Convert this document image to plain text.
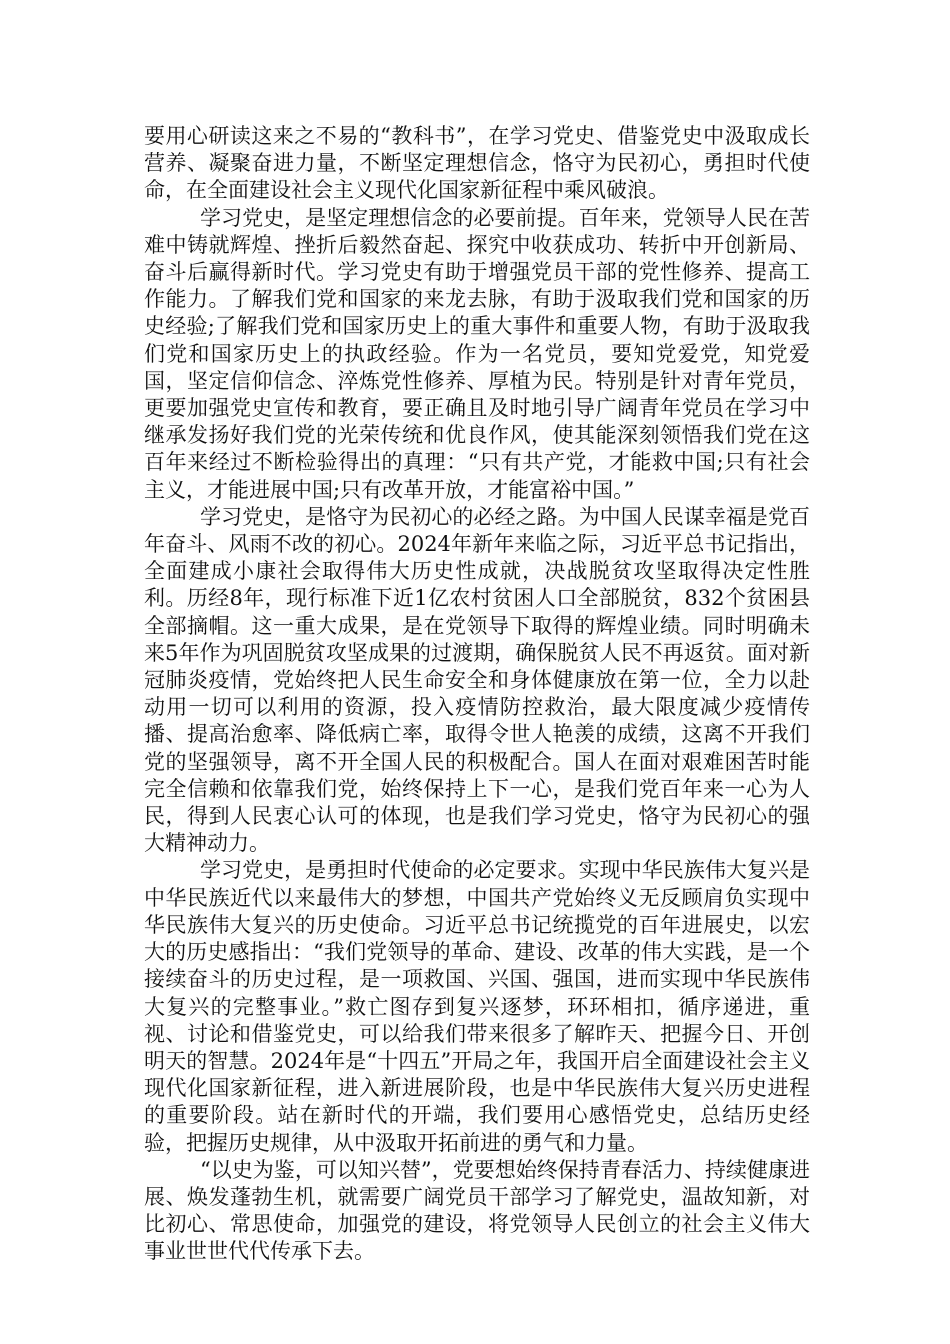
要用心研读这来之不易的“教科书”，在学习党史、借鉴党史中汲取成长营养、凝聚奋进力量，不断坚定理想信念，恪守为民初心，勇担时代使命，在全面建设社会主义现代化国家新征程中乘风破浪。

学习党史，是坚定理想信念的必要前提。百年来，党领导人民在苦难中铸就辉煌、挫折后毅然奋起、探究中收获成功、转折中开创新局、奋斗后赢得新时代。学习党史有助于增强党员干部的党性修养、提高工作能力。了解我们党和国家的来龙去脉，有助于汲取我们党和国家的历史经验;了解我们党和国家历史上的重大事件和重要人物，有助于汲取我们党和国家历史上的执政经验。作为一名党员，要知党爱党，知党爱国，坚定信仰信念、淬炼党性修养、厚植为民。特别是针对青年党员，更要加强党史宣传和教育，要正确且及时地引导广阔青年党员在学习中继承发扬好我们党的光荣传统和优良作风，使其能深刻领悟我们党在这百年来经过不断检验得出的真理：“只有共产党，才能救中国;只有社会主义，才能进展中国;只有改革开放，才能富裕中国。”

学习党史，是恪守为民初心的必经之路。为中国人民谋幸福是党百年奋斗、风雨不改的初心。2024年新年来临之际，习近平总书记指出，全面建成小康社会取得伟大历史性成就，决战脱贫攻坚取得决定性胜利。历经8年，现行标准下近1亿农村贫困人口全部脱贫，832个贫困县全部摘帽。这一重大成果，是在党领导下取得的辉煌业绩。同时明确未来5年作为巩固脱贫攻坚成果的过渡期，确保脱贫人民不再返贫。面对新冠肺炎疫情，党始终把人民生命安全和身体健康放在第一位，全力以赴动用一切可以利用的资源，投入疫情防控救治，最大限度减少疫情传播、提高治愈率、降低病亡率，取得令世人艳羡的成绩，这离不开我们党的坚强领导，离不开全国人民的积极配合。国人在面对艰难困苦时能完全信赖和依靠我们党，始终保持上下一心，是我们党百年来一心为人民，得到人民衷心认可的体现，也是我们学习党史，恪守为民初心的强大精神动力。

学习党史，是勇担时代使命的必定要求。实现中华民族伟大复兴是中华民族近代以来最伟大的梦想，中国共产党始终义无反顾肩负实现中华民族伟大复兴的历史使命。习近平总书记统揽党的百年进展史，以宏大的历史感指出：“我们党领导的革命、建设、改革的伟大实践，是一个接续奋斗的历史过程，是一项救国、兴国、强国，进而实现中华民族伟大复兴的完整事业。”救亡图存到复兴逐梦，环环相扣，循序递进，重视、讨论和借鉴党史，可以给我们带来很多了解昨天、把握今日、开创明天的智慧。2024年是“十四五”开局之年，我国开启全面建设社会主义现代化国家新征程，进入新进展阶段，也是中华民族伟大复兴历史进程的重要阶段。站在新时代的开端，我们要用心感悟党史，总结历史经验，把握历史规律，从中汲取开拓前进的勇气和力量。

“以史为鉴，可以知兴替”，党要想始终保持青春活力、持续健康进展、焕发蓬勃生机，就需要广阔党员干部学习了解党史，温故知新，对比初心、常思使命，加强党的建设，将党领导人民创立的社会主义伟大事业世世代代传承下去。
